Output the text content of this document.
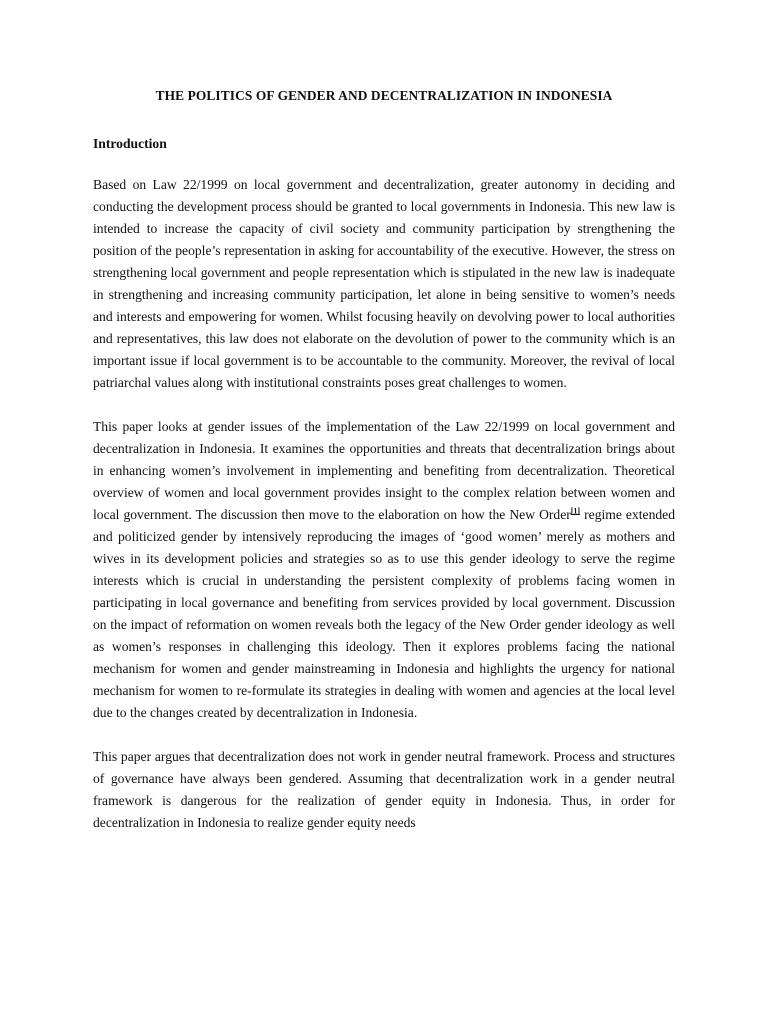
THE POLITICS OF GENDER AND DECENTRALIZATION IN INDONESIA
Introduction

Based on Law 22/1999 on local government and decentralization, greater autonomy in deciding and conducting the development process should be granted to local governments in Indonesia. This new law is intended to increase the capacity of civil society and community participation by strengthening the position of the people’s representation in asking for accountability of the executive. However, the stress on strengthening local government and people representation which is stipulated in the new law is inadequate in strengthening and increasing community participation, let alone in being sensitive to women’s needs and interests and empowering for women. Whilst focusing heavily on devolving power to local authorities and representatives, this law does not elaborate on the devolution of power to the community which is an important issue if local government is to be accountable to the community. Moreover, the revival of local patriarchal values along with institutional constraints poses great challenges to women.

This paper looks at gender issues of the implementation of the Law 22/1999 on local government and decentralization in Indonesia. It examines the opportunities and threats that decentralization brings about in enhancing women’s involvement in implementing and benefiting from decentralization. Theoretical overview of women and local government provides insight to the complex relation between women and local government. The discussion then move to the elaboration on how the New Order[1] regime extended and politicized gender by intensively reproducing the images of ‘good women’ merely as mothers and wives in its development policies and strategies so as to use this gender ideology to serve the regime interests which is crucial in understanding the persistent complexity of problems facing women in participating in local governance and benefiting from services provided by local government. Discussion on the impact of reformation on women reveals both the legacy of the New Order gender ideology as well as women’s responses in challenging this ideology. Then it explores problems facing the national mechanism for women and gender mainstreaming in Indonesia and highlights the urgency for national mechanism for women to re-formulate its strategies in dealing with women and agencies at the local level due to the changes created by decentralization in Indonesia.

This paper argues that decentralization does not work in gender neutral framework. Process and structures of governance have always been gendered. Assuming that decentralization work in a gender neutral framework is dangerous for the realization of gender equity in Indonesia. Thus, in order for decentralization in Indonesia to realize gender equity needs
